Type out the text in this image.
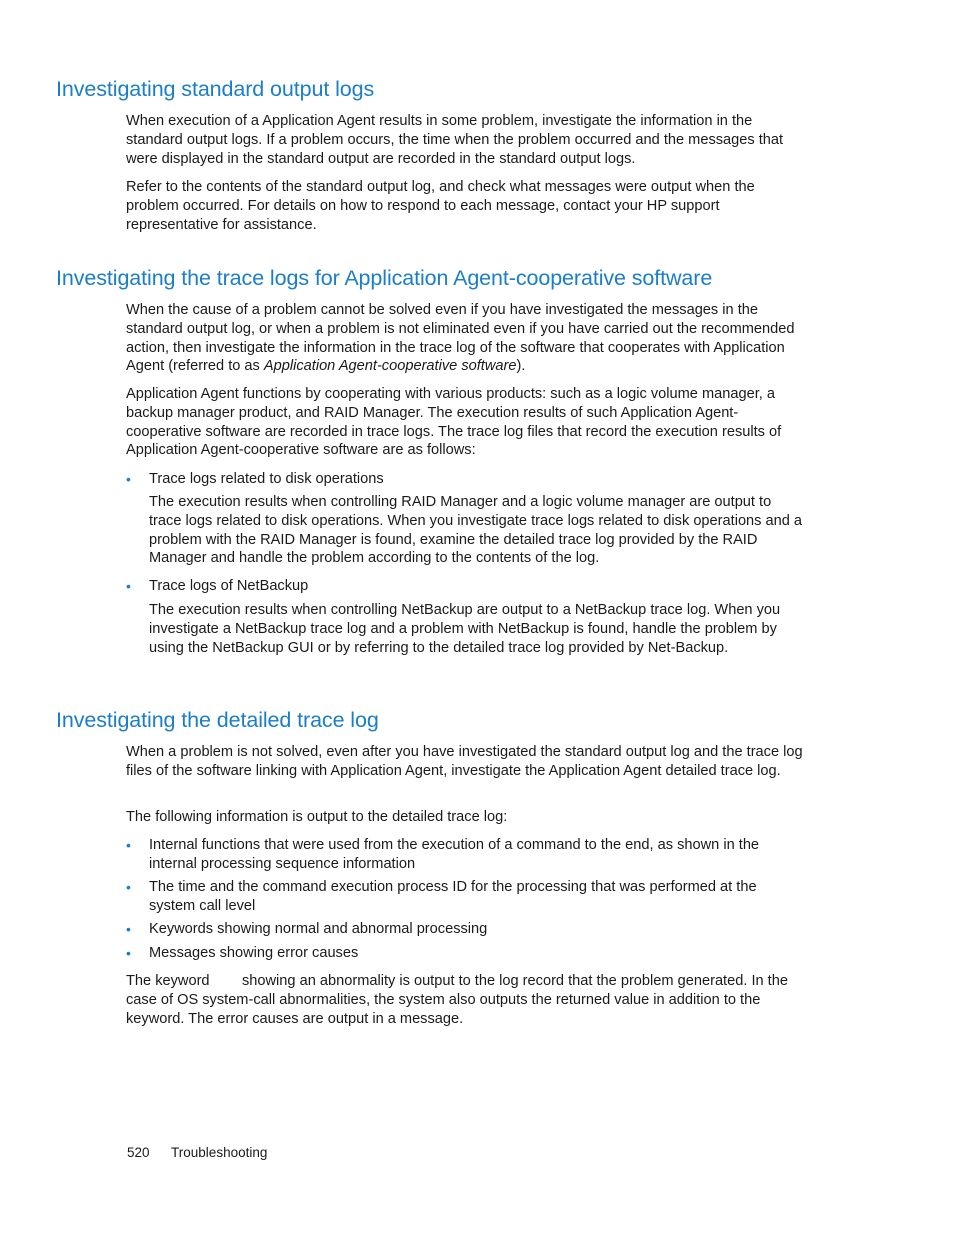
Investigating standard output logs

When execution of a Application Agent results in some problem, investigate the information in the standard output logs. If a problem occurs, the time when the problem occurred and the messages that were displayed in the standard output are recorded in the standard output logs.

Refer to the contents of the standard output log, and check what messages were output when the problem occurred. For details on how to respond to each message, contact your HP support representative for assistance.

Investigating the trace logs for Application Agent-cooperative software

When the cause of a problem cannot be solved even if you have investigated the messages in the standard output log, or when a problem is not eliminated even if you have carried out the recommended action, then investigate the information in the trace log of the software that cooperates with Application Agent (referred to as Application Agent-cooperative software).

Application Agent functions by cooperating with various products: such as a logic volume manager, a backup manager product, and RAID Manager. The execution results of such Application Agent-cooperative software are recorded in trace logs. The trace log files that record the execution results of Application Agent-cooperative software are as follows:

• Trace logs related to disk operations

The execution results when controlling RAID Manager and a logic volume manager are output to trace logs related to disk operations. When you investigate trace logs related to disk operations and a problem with the RAID Manager is found, examine the detailed trace log provided by the RAID Manager and handle the problem according to the contents of the log.

• Trace logs of NetBackup

The execution results when controlling NetBackup are output to a NetBackup trace log. When you investigate a NetBackup trace log and a problem with NetBackup is found, handle the problem by using the NetBackup GUI or by referring to the detailed trace log provided by Net-Backup.

Investigating the detailed trace log

When a problem is not solved, even after you have investigated the standard output log and the trace log files of the software linking with Application Agent, investigate the Application Agent detailed trace log.

The following information is output to the detailed trace log:

• Internal functions that were used from the execution of a command to the end, as shown in the internal processing sequence information
• The time and the command execution process ID for the processing that was performed at the system call level
• Keywords showing normal and abnormal processing
• Messages showing error causes

The keyword        showing an abnormality is output to the log record that the problem generated. In the case of OS system-call abnormalities, the system also outputs the returned value in addition to the keyword. The error causes are output in a message.

520 Troubleshooting
